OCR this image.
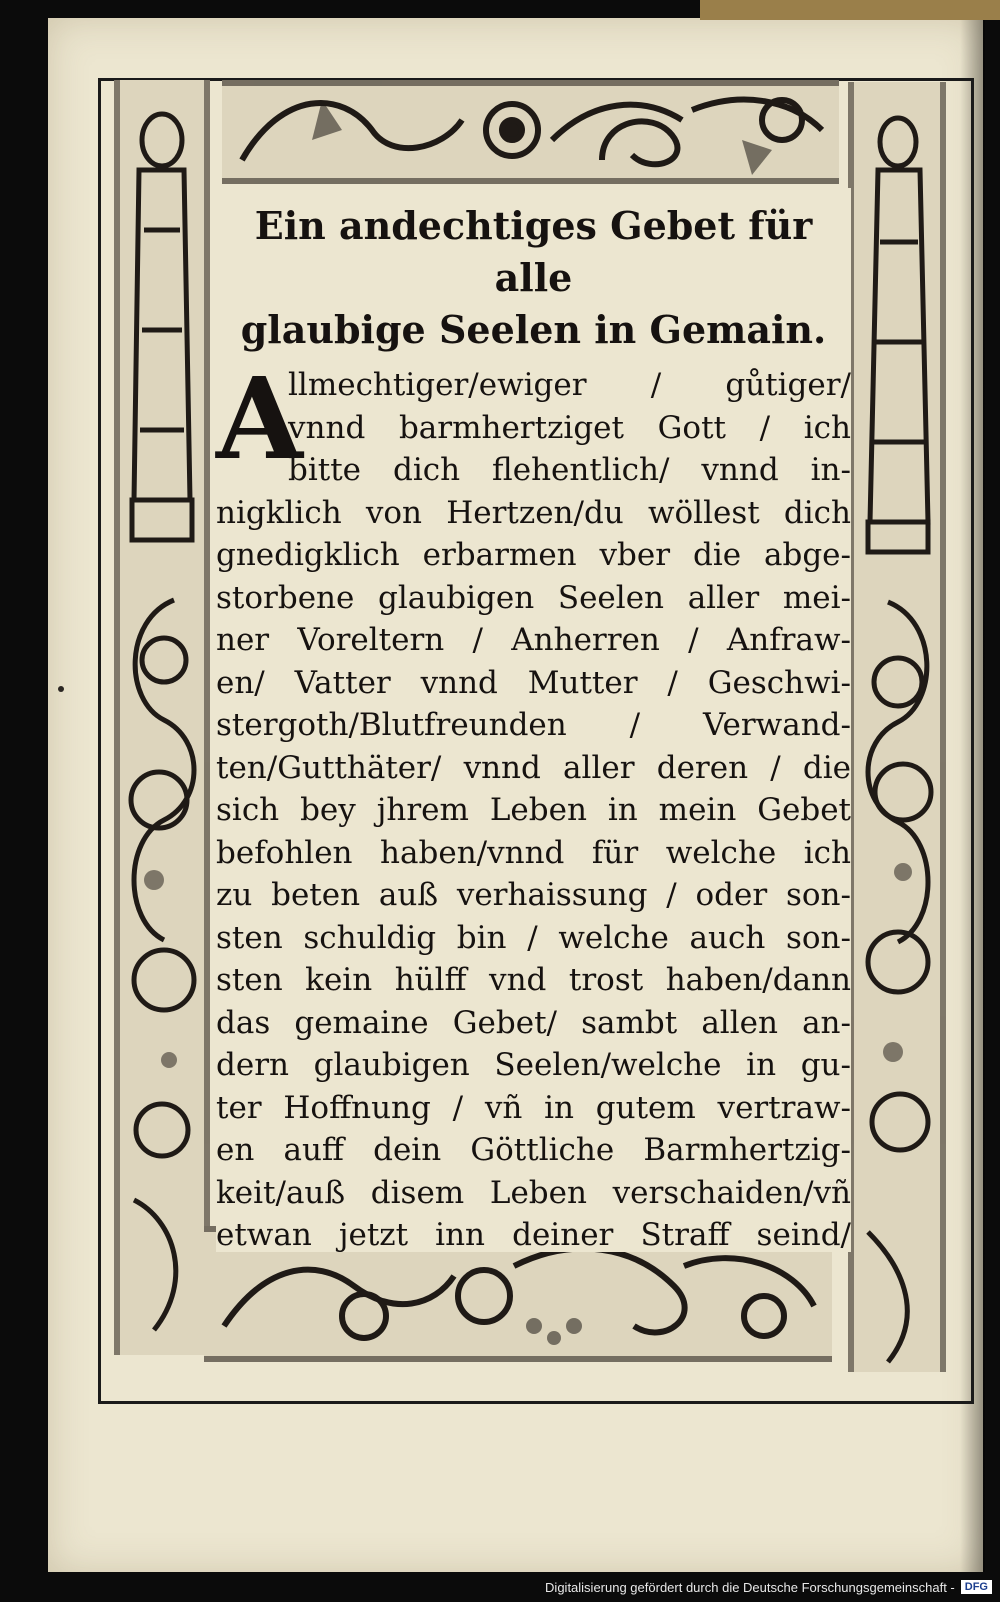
Ein andechtiges Gebet für alle
glaubige Seelen in Gemain.
A
llmechtiger/ewiger / gůtiger/
vnnd barmhertziget Gott / ich
bitte dich flehentlich/ vnnd in-
nigklich von Hertzen/du wöllest dich
gnedigklich erbarmen vber die abge-
storbene glaubigen Seelen aller mei-
ner Voreltern / Anherren / Anfraw-
en/ Vatter vnnd Mutter / Geschwi-
stergoth/Blutfreunden / Verwand-
ten/Gutthäter/ vnnd aller deren / die
sich bey jhrem Leben in mein Gebet
befohlen haben/vnnd für welche ich
zu beten auß verhaissung / oder son-
sten schuldig bin / welche auch son-
sten kein hülff vnd trost haben/dann
das gemaine Gebet/ sambt allen an-
dern glaubigen Seelen/welche in gu-
ter Hoffnung / vñ in gutem vertraw-
en auff dein Göttliche Barmhertzig-
keit/auß disem Leben verschaiden/vñ
etwan jetzt inn deiner Straff seind/
Digitalisierung gefördert durch die Deutsche Forschungsgemeinschaft - DFG
